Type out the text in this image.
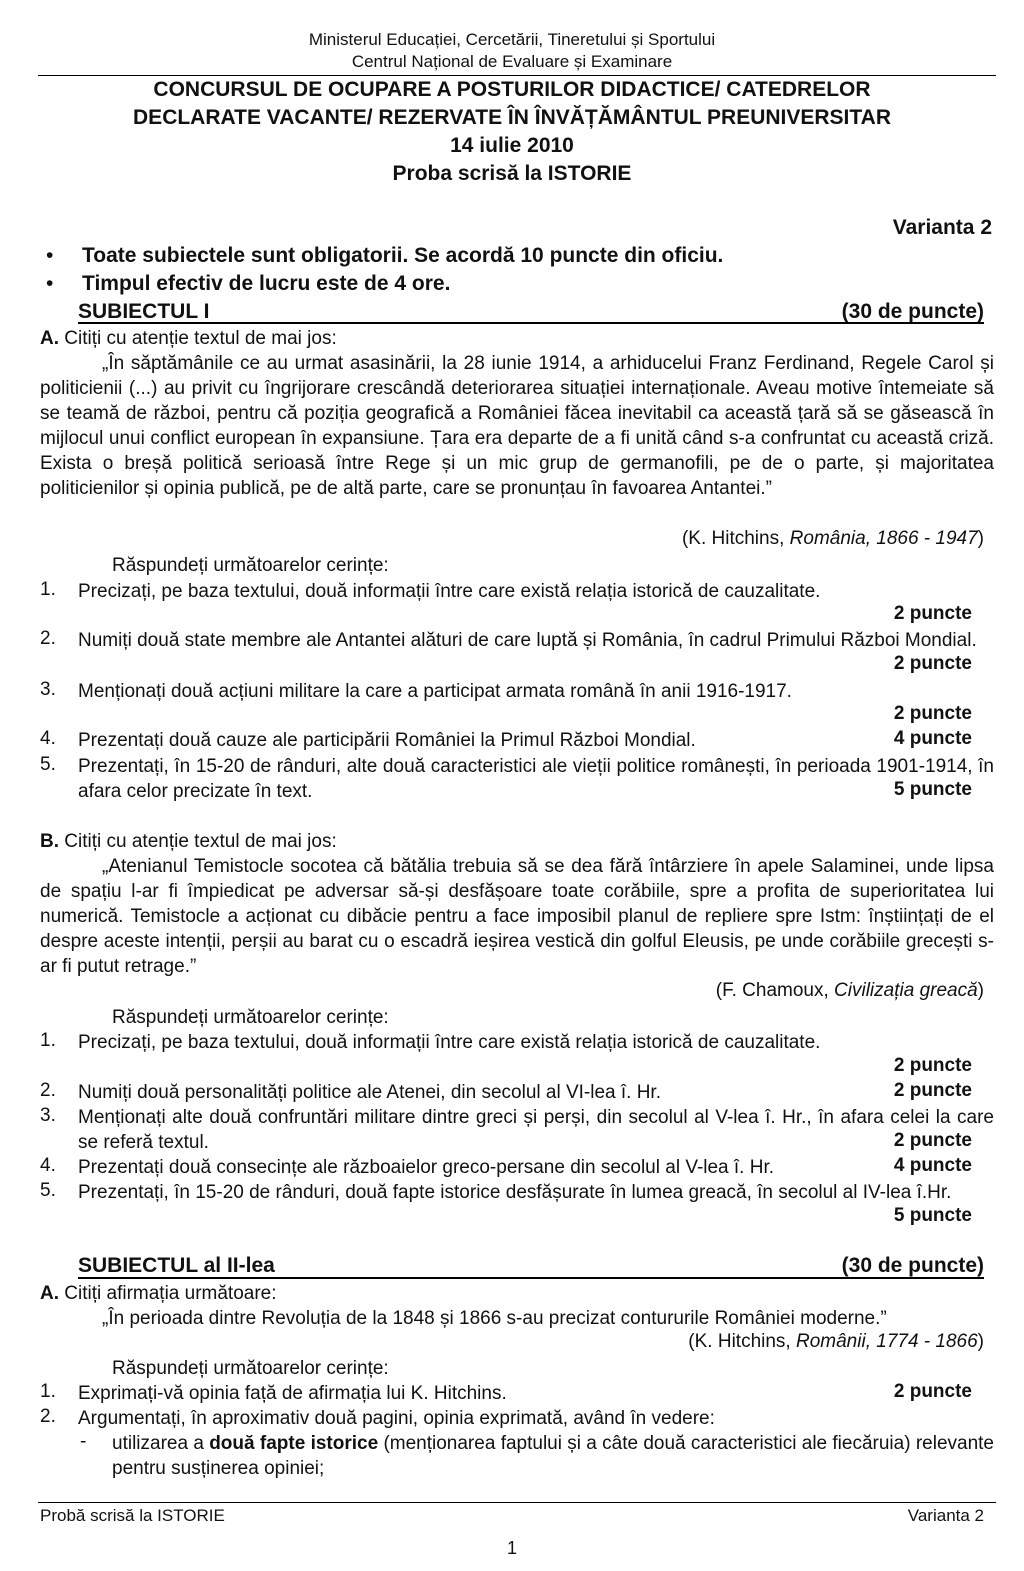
Ministerul Educației, Cercetării, Tineretului și Sportului
Centrul Național de Evaluare și Examinare
CONCURSUL DE OCUPARE A POSTURILOR DIDACTICE/ CATEDRELOR
DECLARATE VACANTE/ REZERVATE ÎN ÎNVĂȚĂMÂNTUL PREUNIVERSITAR
14 iulie 2010
Proba scrisă la ISTORIE
Varianta 2
• Toate subiectele sunt obligatorii. Se acordă 10 puncte din oficiu.
• Timpul efectiv de lucru este de 4 ore.
SUBIECTUL I	(30 de puncte)
A. Citiți cu atenție textul de mai jos:
„În săptămânile ce au urmat asasinării, la 28 iunie 1914, a arhiducelui Franz Ferdinand, Regele Carol și politicienii (...) au privit cu îngrijorare crescândă deteriorarea situației internaționale. Aveau motive întemeiate să se teamă de război, pentru că poziția geografică a României făcea inevitabil ca această țară să se găsească în mijlocul unui conflict european în expansiune. Țara era departe de a fi unită când s-a confruntat cu această criză. Exista o breșă politică serioasă între Rege și un mic grup de germanofili, pe de o parte, și majoritatea politicienilor și opinia publică, pe de altă parte, care se pronunțau în favoarea Antantei.”
(K. Hitchins, România, 1866 - 1947)
Răspundeți următoarelor cerințe:
1. Precizați, pe baza textului, două informații între care există relația istorică de cauzalitate.
2 puncte
2. Numiți două state membre ale Antantei alături de care luptă și România, în cadrul Primului Război Mondial.
2 puncte
3. Menționați două acțiuni militare la care a participat armata română în anii 1916-1917.
2 puncte
4. Prezentați două cauze ale participării României la Primul Război Mondial.	4 puncte
5. Prezentați, în 15-20 de rânduri, alte două caracteristici ale vieții politice românești, în perioada 1901-1914, în afara celor precizate în text.	5 puncte
B. Citiți cu atenție textul de mai jos:
„Atenianul Temistocle socotea că bătălia trebuia să se dea fără întârziere în apele Salaminei, unde lipsa de spațiu l-ar fi împiedicat pe adversar să-și desfășoare toate corăbiile, spre a profita de superioritatea lui numerică. Temistocle a acționat cu dibăcie pentru a face imposibil planul de repliere spre Istm: înștiințați de el despre aceste intenții, perșii au barat cu o escadră ieșirea vestică din golful Eleusis, pe unde corăbiile grecești s-ar fi putut retrage.”
(F. Chamoux, Civilizația greacă)
Răspundeți următoarelor cerințe:
1. Precizați, pe baza textului, două informații între care există relația istorică de cauzalitate.
2 puncte
2. Numiți două personalități politice ale Atenei, din secolul al VI-lea î. Hr.	2 puncte
3. Menționați alte două confruntări militare dintre greci și perși, din secolul al V-lea î. Hr., în afara celei la care se referă textul.	2 puncte
4. Prezentați două consecințe ale războaielor greco-persane din secolul al V-lea î. Hr.	4 puncte
5. Prezentați, în 15-20 de rânduri, două fapte istorice desfășurate în lumea greacă, în secolul al IV-lea î.Hr.
5 puncte
SUBIECTUL al II-lea	(30 de puncte)
A. Citiți afirmația următoare:
„În perioada dintre Revoluția de la 1848 și 1866 s-au precizat contururile României moderne.”
(K. Hitchins, Românii, 1774 - 1866)
Răspundeți următoarelor cerințe:
1. Exprimați-vă opinia față de afirmația lui K. Hitchins.	2 puncte
2. Argumentați, în aproximativ două pagini, opinia exprimată, având în vedere:
- utilizarea a două fapte istorice (menționarea faptului și a câte două caracteristici ale fiecăruia) relevante pentru susținerea opiniei;
Probă scrisă la ISTORIE	Varianta 2
1
